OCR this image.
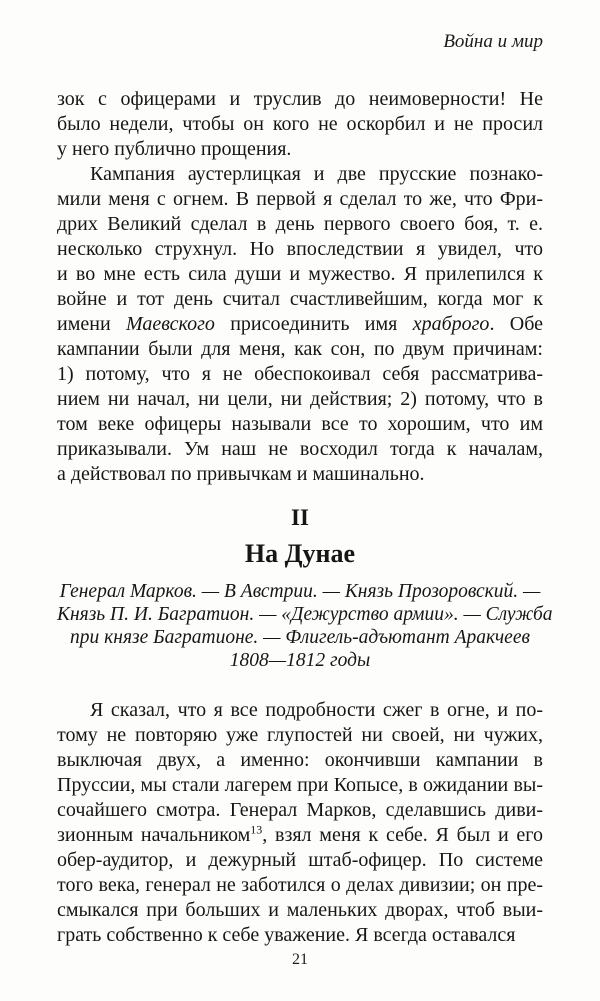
Война и мир
зок с офицерами и труслив до неимоверности! Не
было недели, чтобы он кого не оскорбил и не просил
у него публично прощения.
Кампания аустерлицкая и две прусские познако-
мили меня с огнем. В первой я сделал то же, что Фри-
дрих Великий сделал в день первого своего боя, т. е.
несколько струхнул. Но впоследствии я увидел, что
и во мне есть сила души и мужество. Я прилепился к
войне и тот день считал счастливейшим, когда мог к
имени Маевского присоединить имя храброго. Обе
кампании были для меня, как сон, по двум причинам:
1) потому, что я не обеспокоивал себя рассматрива-
нием ни начал, ни цели, ни действия; 2) потому, что в
том веке офицеры называли все то хорошим, что им
приказывали. Ум наш не восходил тогда к началам,
а действовал по привычкам и машинально.
II
На Дунае
Генерал Марков. — В Австрии. — Князь Прозоровский. —
Князь П. И. Багратион. — «Дежурство армии». — Служба
при князе Багратионе. — Флигель-адъютант Аракчеев
1808—1812 годы
Я сказал, что я все подробности сжег в огне, и по-
тому не повторяю уже глупостей ни своей, ни чужих,
выключая двух, а именно: окончивши кампании в
Пруссии, мы стали лагерем при Копысе, в ожидании вы-
сочайшего смотра. Генерал Марков, сделавшись диви-
зионным начальником$^{13}$, взял меня к себе. Я был и его
обер-аудитор, и дежурный штаб-офицер. По системе
того века, генерал не заботился о делах дивизии; он пре-
смыкался при больших и маленьких дворах, чтоб выи-
грать собственно к себе уважение. Я всегда оставался
21
